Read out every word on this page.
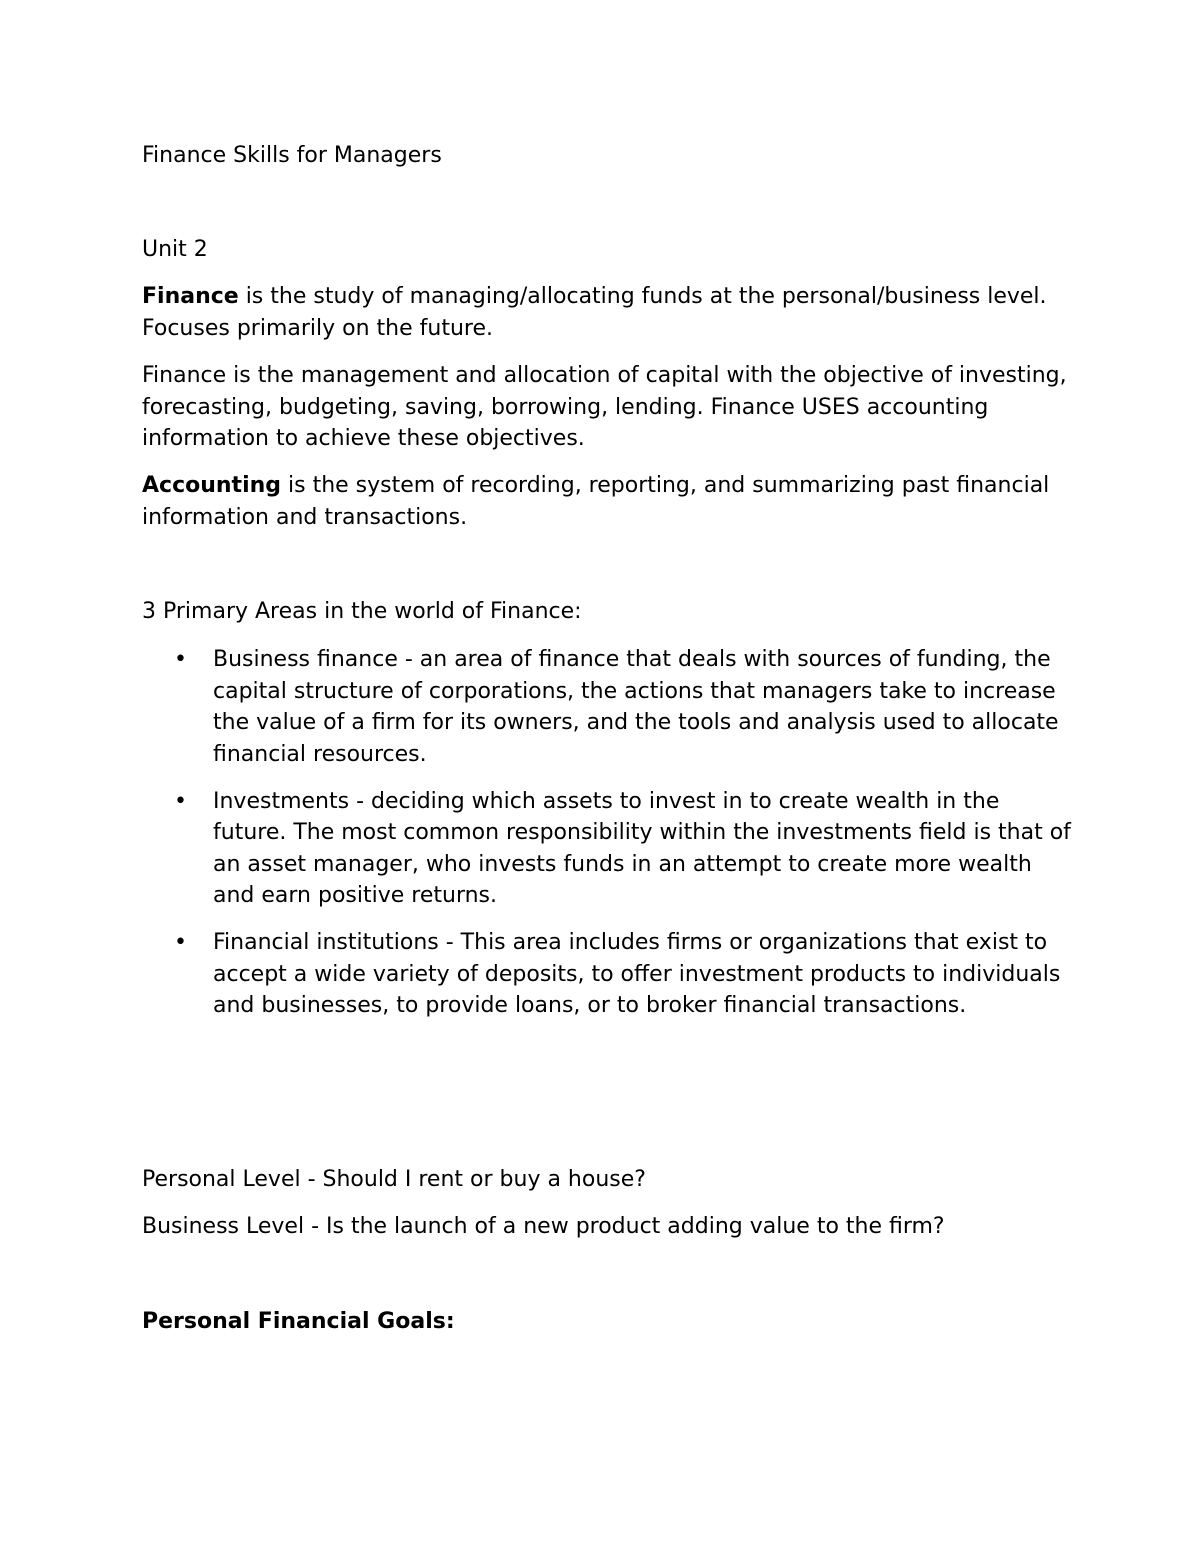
Finance Skills for Managers

Unit 2

Finance is the study of managing/allocating funds at the personal/business level. Focuses primarily on the future.

Finance is the management and allocation of capital with the objective of investing, forecasting, budgeting, saving, borrowing, lending. Finance USES accounting information to achieve these objectives.

Accounting is the system of recording, reporting, and summarizing past financial information and transactions.

3 Primary Areas in the world of Finance:

• Business finance - an area of finance that deals with sources of funding, the capital structure of corporations, the actions that managers take to increase the value of a firm for its owners, and the tools and analysis used to allocate financial resources.
• Investments - deciding which assets to invest in to create wealth in the future. The most common responsibility within the investments field is that of an asset manager, who invests funds in an attempt to create more wealth and earn positive returns.
• Financial institutions - This area includes firms or organizations that exist to accept a wide variety of deposits, to offer investment products to individuals and businesses, to provide loans, or to broker financial transactions.

Personal Level - Should I rent or buy a house?

Business Level - Is the launch of a new product adding value to the firm?

Personal Financial Goals:
